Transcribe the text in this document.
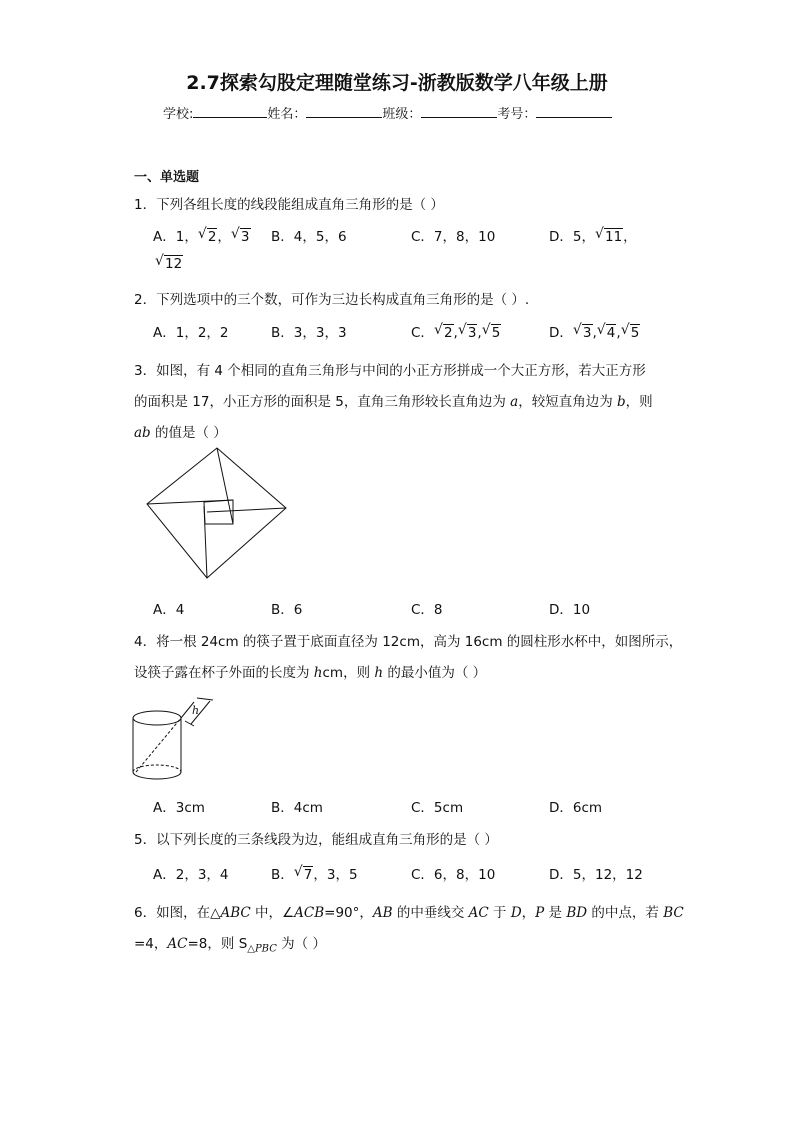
2.7探索勾股定理随堂练习-浙教版数学八年级上册
学校:	姓名：	班级：	考号：
一、单选题
1．下列各组长度的线段能组成直角三角形的是（ ）
A．1， √ 2， √ 3 B．4，5，6	C．7，8，10	D．5， √ 11，
√ 12
2．下列选项中的三个数，可作为三边长构成直角三角形的是（ ）.
A．1，2，2	B．3，3，3	C． √ 2, √ 3, √ 5	D． √ 3, √ 4, √ 5
3．如图，有 4 个相同的直角三角形与中间的小正方形拼成一个大正方形，若大正方形
的面积是 17，小正方形的面积是 5，直角三角形较长直角边为 a，较短直角边为 b，则
ab 的值是（ ）
A．4	B．6	C．8	D．10
4．将一根 24cm 的筷子置于底面直径为 12cm，高为 16cm 的圆柱形水杯中，如图所示，
设筷子露在杯子外面的长度为 hcm，则 h 的最小值为（ ）
h
A．3cm	B．4cm	C．5cm	D．6cm
5．以下列长度的三条线段为边，能组成直角三角形的是（ ）
A．2，3，4	B． √ 7，3，5	C．6，8，10	D．5，12，12
6．如图，在△ABC 中，∠ACB=90°，AB 的中垂线交 AC 于 D，P 是 BD 的中点，若 BC
=4，AC=8，则 $S_{\triangle PBC}$ 为（ ）
